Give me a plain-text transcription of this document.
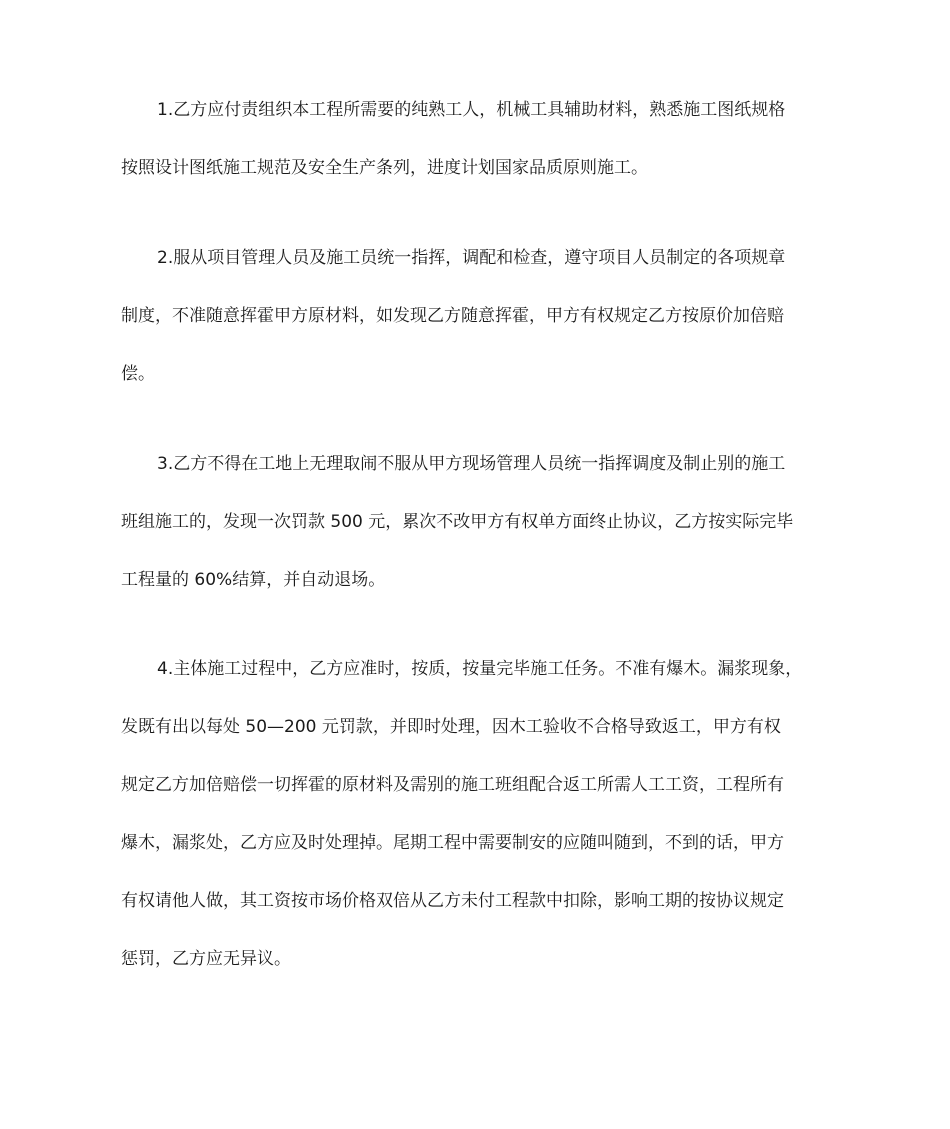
1.乙方应付责组织本工程所需要的纯熟工人，机械工具辅助材料，熟悉施工图纸规格
按照设计图纸施工规范及安全生产条列，进度计划国家品质原则施工。
2.服从项目管理人员及施工员统一指挥，调配和检查，遵守项目人员制定的各项规章
制度，不准随意挥霍甲方原材料，如发现乙方随意挥霍，甲方有权规定乙方按原价加倍赔
偿。
3.乙方不得在工地上无理取闹不服从甲方现场管理人员统一指挥调度及制止别的施工
班组施工的，发现一次罚款 500 元，累次不改甲方有权单方面终止协议，乙方按实际完毕
工程量的 60%结算，并自动退场。
4.主体施工过程中，乙方应准时，按质，按量完毕施工任务。不准有爆木。漏浆现象，
发既有出以每处 50—200 元罚款，并即时处理，因木工验收不合格导致返工，甲方有权
规定乙方加倍赔偿一切挥霍的原材料及需别的施工班组配合返工所需人工工资，工程所有
爆木，漏浆处，乙方应及时处理掉。尾期工程中需要制安的应随叫随到，不到的话，甲方
有权请他人做，其工资按市场价格双倍从乙方未付工程款中扣除，影响工期的按协议规定
惩罚，乙方应无异议。
